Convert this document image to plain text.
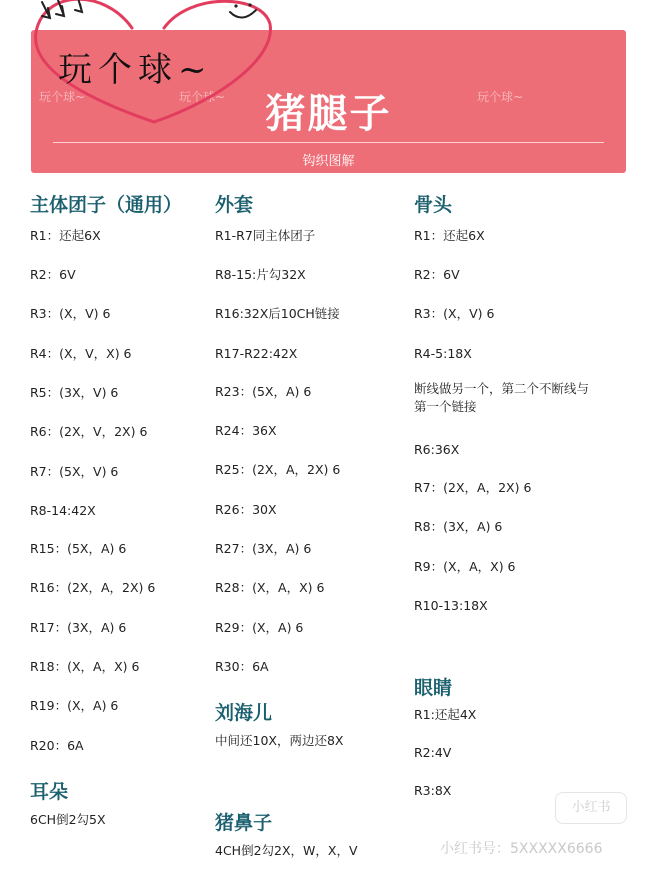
玩个球~	玩个球~	玩个球~
猪腿子
钩织图解
玩个球~
主体团子（通用）
R1：还起6X
R2：6V
R3：(X，V) 6
R4：(X，V，X) 6
R5：(3X，V) 6
R6：(2X，V，2X) 6
R7：(5X，V) 6
R8-14:42X
R15：(5X，A) 6
R16：(2X，A，2X) 6
R17：(3X，A) 6
R18：(X，A，X) 6
R19：(X，A) 6
R20：6A
耳朵
6CH倒2勾5X
外套
R1-R7同主体团子
R8-15:片勾32X
R16:32X后10CH链接
R17-R22:42X
R23：(5X，A) 6
R24：36X
R25：(2X，A，2X) 6
R26：30X
R27：(3X，A) 6
R28：(X，A，X) 6
R29：(X，A) 6
R30：6A
刘海儿
中间还10X，两边还8X
猪鼻子
4CH倒2勾2X，W，X，V
骨头
R1：还起6X
R2：6V
R3：(X，V) 6
R4-5:18X
断线做另一个，第二个不断线与第一个链接
R6:36X
R7：(2X，A，2X) 6
R8：(3X，A) 6
R9：(X，A，X) 6
R10-13:18X
眼睛
R1:还起4X
R2:4V
R3:8X
小红书
小红书号：5XXXXX6666
